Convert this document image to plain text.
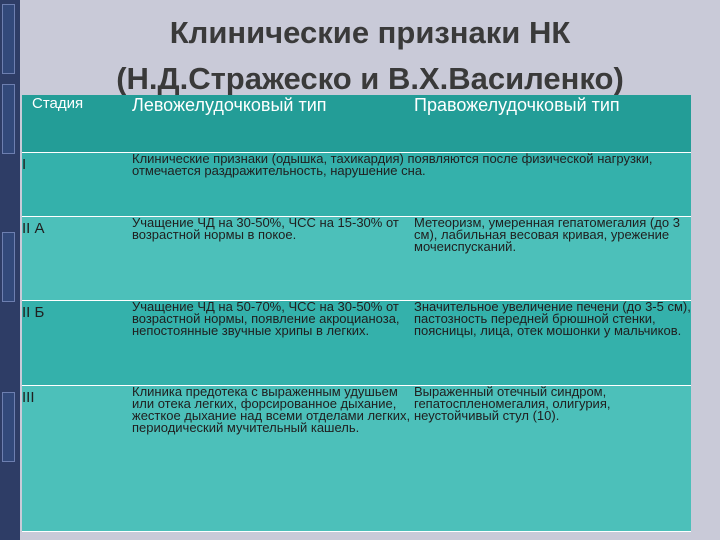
Клинические признаки НК
(Н.Д.Стражеско и В.Х.Василенко)
Стадия	Левожелудочковый тип	Правожелудочковый тип

I	Клинические признаки (одышка, тахикардия) появляются после физической нагрузки, отмечается раздражительность, нарушение сна.	

II А	Учащение ЧД на 30-50%, ЧСС на 15-30% от возрастной нормы в покое.	Метеоризм, умеренная гепатомегалия (до 3 см), лабильная весовая кривая, урежение мочеиспусканий.

II Б	Учащение ЧД на 50-70%, ЧСС на 30-50% от возрастной нормы, появление акроцианоза, непостоянные звучные хрипы в легких.	Значительное увеличение печени (до 3-5 см), пастозность передней брюшной стенки, поясницы, лица, отек мошонки у мальчиков.

III	Клиника предотека с выраженным удушьем или отека легких, форсированное дыхание, жесткое дыхание над всеми отделами легких, периодический мучительный кашель.	Выраженный отечный синдром, гепатоспленомегалия, олигурия, неустойчивый стул (10).
